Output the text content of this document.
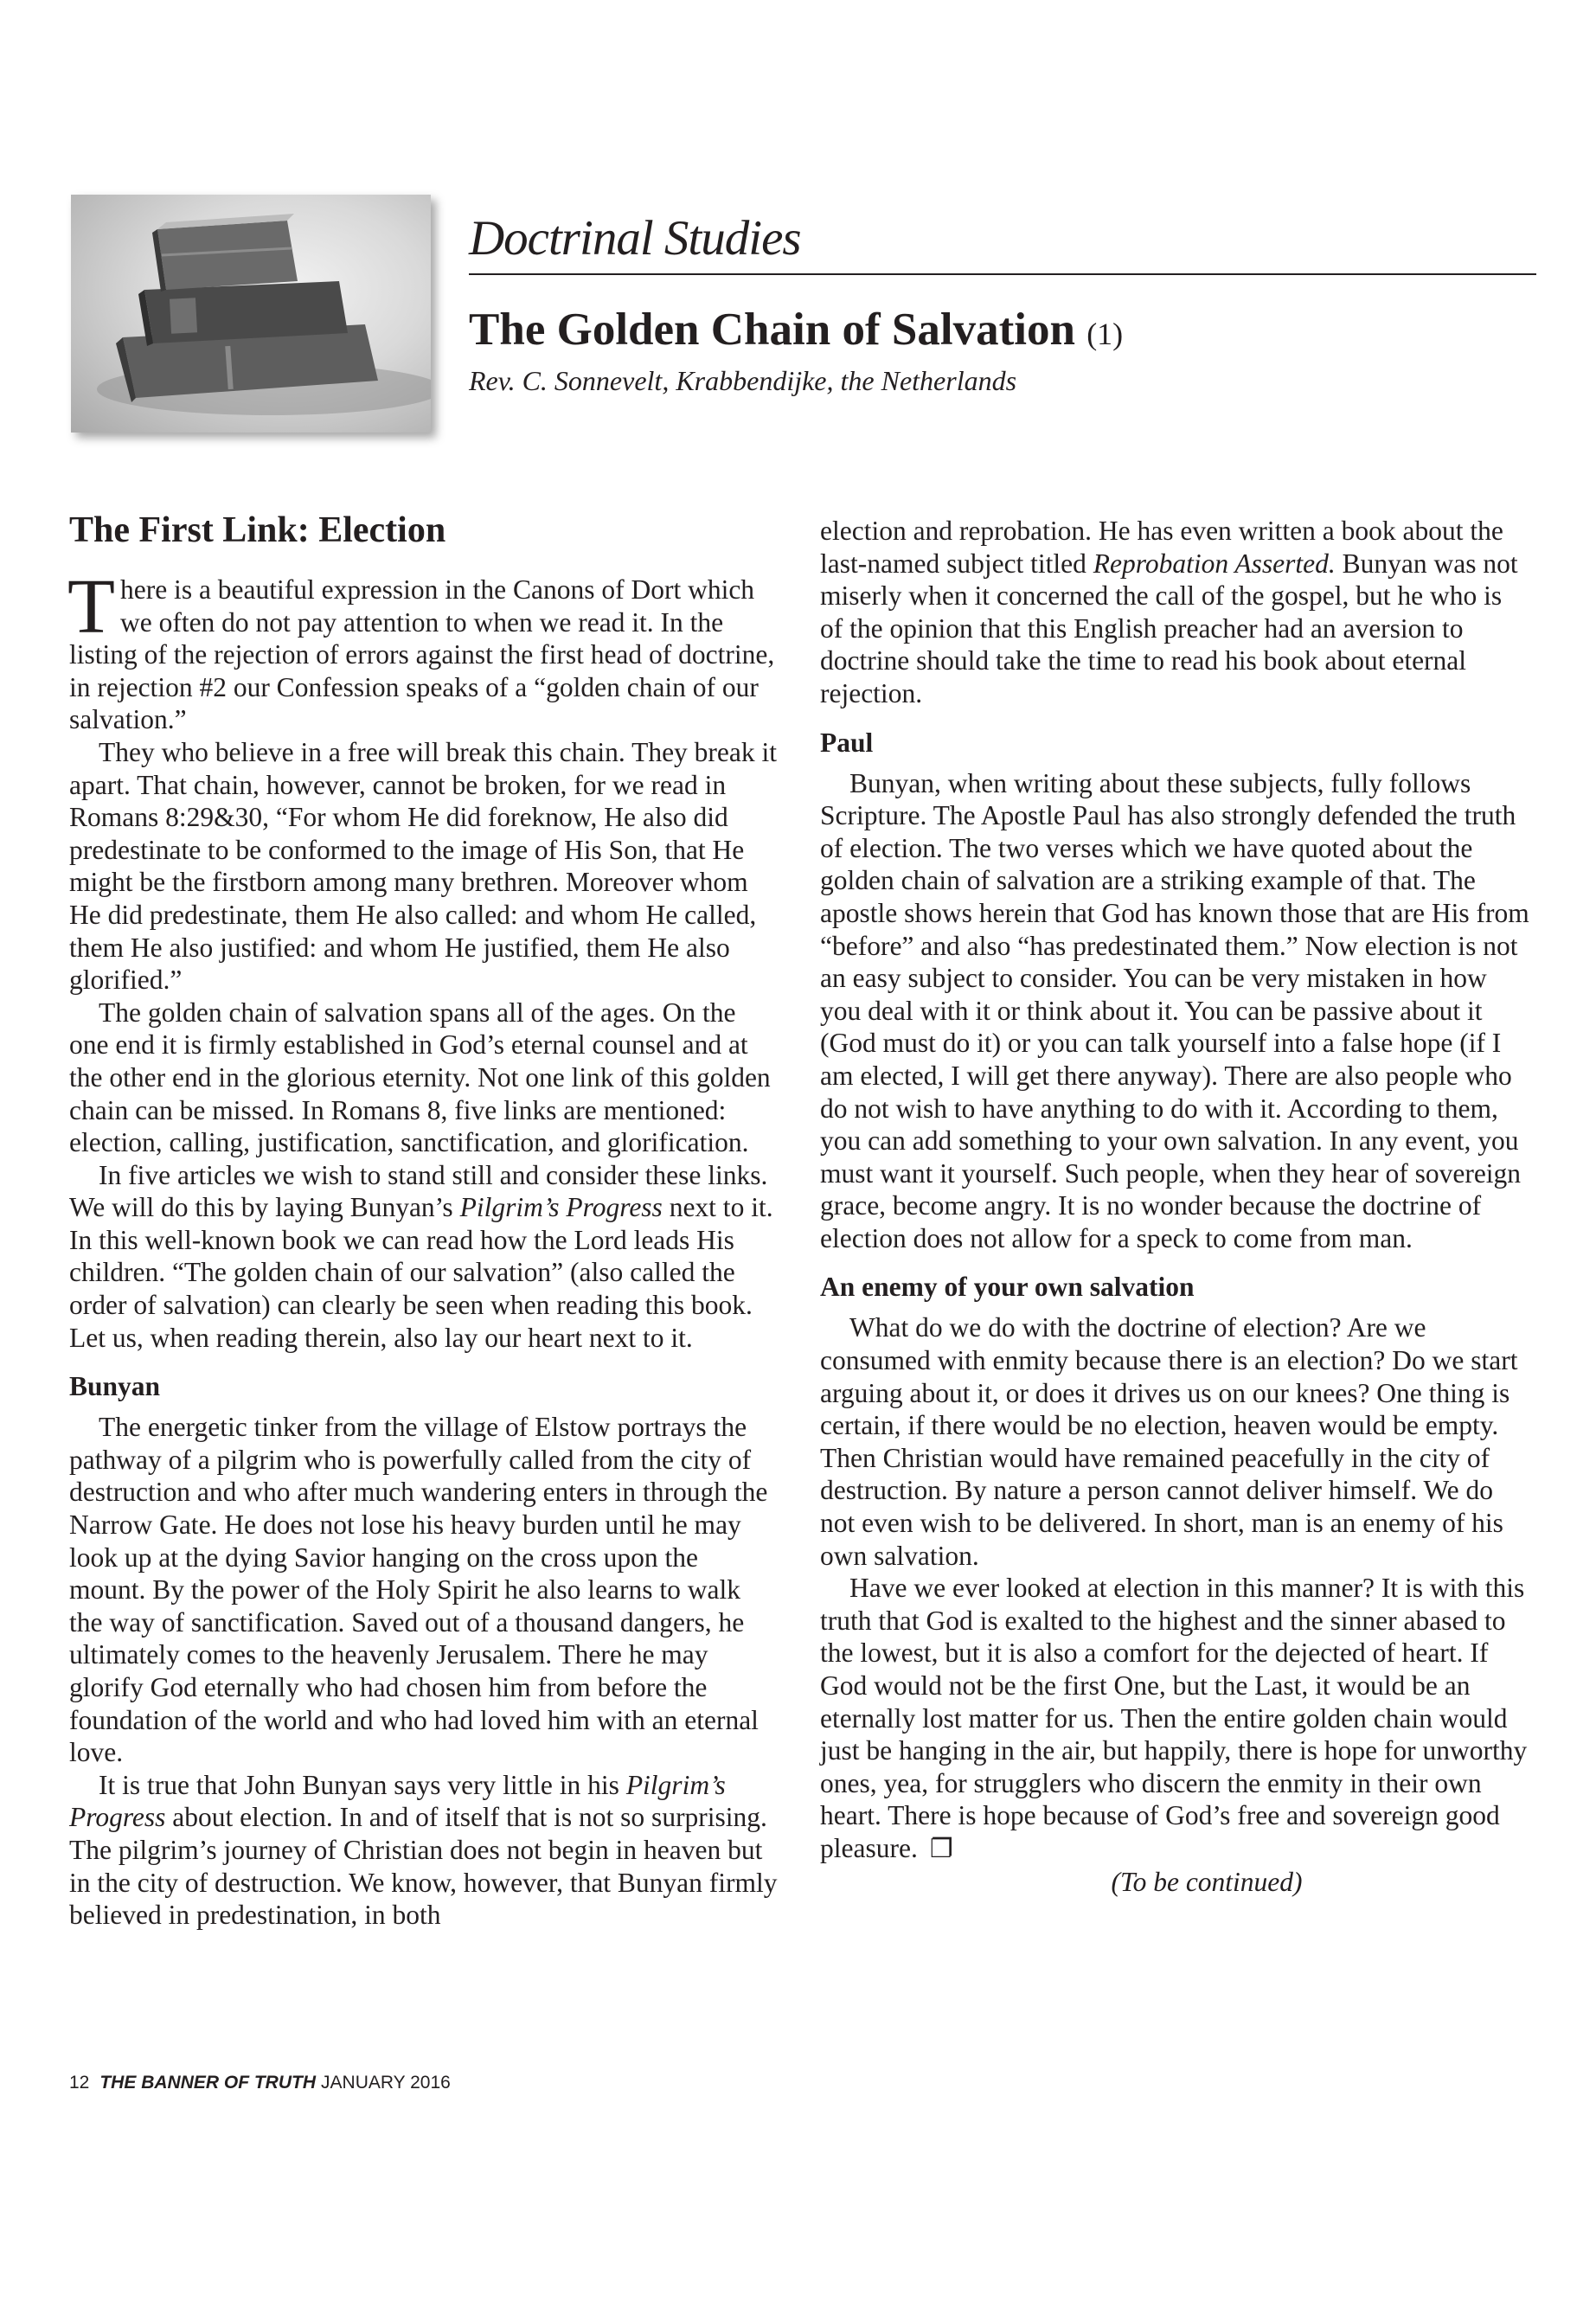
Doctrinal Studies
The Golden Chain of Salvation (1)
Rev. C. Sonnevelt, Krabbendijke, the Netherlands
The First Link: Election

There is a beautiful expression in the Canons of Dort which we often do not pay attention to when we read it. In the listing of the rejection of errors against the first head of doctrine, in rejection #2 our Confession speaks of a “golden chain of our salvation.”

They who believe in a free will break this chain. They break it apart. That chain, however, cannot be broken, for we read in Romans 8:29&30, “For whom He did foreknow, He also did predestinate to be conformed to the image of His Son, that He might be the firstborn among many brethren. Moreover whom He did predestinate, them He also called: and whom He called, them He also justified: and whom He justified, them He also glorified.”

The golden chain of salvation spans all of the ages. On the one end it is firmly established in God’s eternal counsel and at the other end in the glorious eternity. Not one link of this golden chain can be missed. In Romans 8, five links are mentioned: election, calling, justification, sanctification, and glorification.

In five articles we wish to stand still and consider these links. We will do this by laying Bunyan’s Pilgrim’s Progress next to it. In this well-known book we can read how the Lord leads His children. “The golden chain of our salvation” (also called the order of salvation) can clearly be seen when reading this book. Let us, when reading therein, also lay our heart next to it.

Bunyan

The energetic tinker from the village of Elstow portrays the pathway of a pilgrim who is powerfully called from the city of destruction and who after much wandering enters in through the Narrow Gate. He does not lose his heavy burden until he may look up at the dying Savior hanging on the cross upon the mount. By the power of the Holy Spirit he also learns to walk the way of sanctification. Saved out of a thousand dangers, he ultimately comes to the heavenly Jerusalem. There he may glorify God eternally who had chosen him from before the foundation of the world and who had loved him with an eternal love.

It is true that John Bunyan says very little in his Pilgrim’s Progress about election. In and of itself that is not so surprising. The pilgrim’s journey of Christian does not begin in heaven but in the city of destruction. We know, however, that Bunyan firmly believed in predestination, in both

election and reprobation. He has even written a book about the last-named subject titled Reprobation Asserted. Bunyan was not miserly when it concerned the call of the gospel, but he who is of the opinion that this English preacher had an aversion to doctrine should take the time to read his book about eternal rejection.

Paul

Bunyan, when writing about these subjects, fully follows Scripture. The Apostle Paul has also strongly defended the truth of election. The two verses which we have quoted about the golden chain of salvation are a striking example of that. The apostle shows herein that God has known those that are His from “before” and also “has predestinated them.” Now election is not an easy subject to consider. You can be very mistaken in how you deal with it or think about it. You can be passive about it (God must do it) or you can talk yourself into a false hope (if I am elected, I will get there anyway). There are also people who do not wish to have anything to do with it. According to them, you can add something to your own salvation. In any event, you must want it yourself. Such people, when they hear of sovereign grace, become angry. It is no wonder because the doctrine of election does not allow for a speck to come from man.

An enemy of your own salvation

What do we do with the doctrine of election? Are we consumed with enmity because there is an election? Do we start arguing about it, or does it drives us on our knees? One thing is certain, if there would be no election, heaven would be empty. Then Christian would have remained peacefully in the city of destruction. By nature a person cannot deliver himself. We do not even wish to be delivered. In short, man is an enemy of his own salvation.

Have we ever looked at election in this manner? It is with this truth that God is exalted to the highest and the sinner abased to the lowest, but it is also a comfort for the dejected of heart. If God would not be the first One, but the Last, it would be an eternally lost matter for us. Then the entire golden chain would just be hanging in the air, but happily, there is hope for unworthy ones, yea, for strugglers who discern the enmity in their own heart. There is hope because of God’s free and sovereign good pleasure. ❐

(To be continued)

12 THE BANNER OF TRUTH JANUARY 2016
